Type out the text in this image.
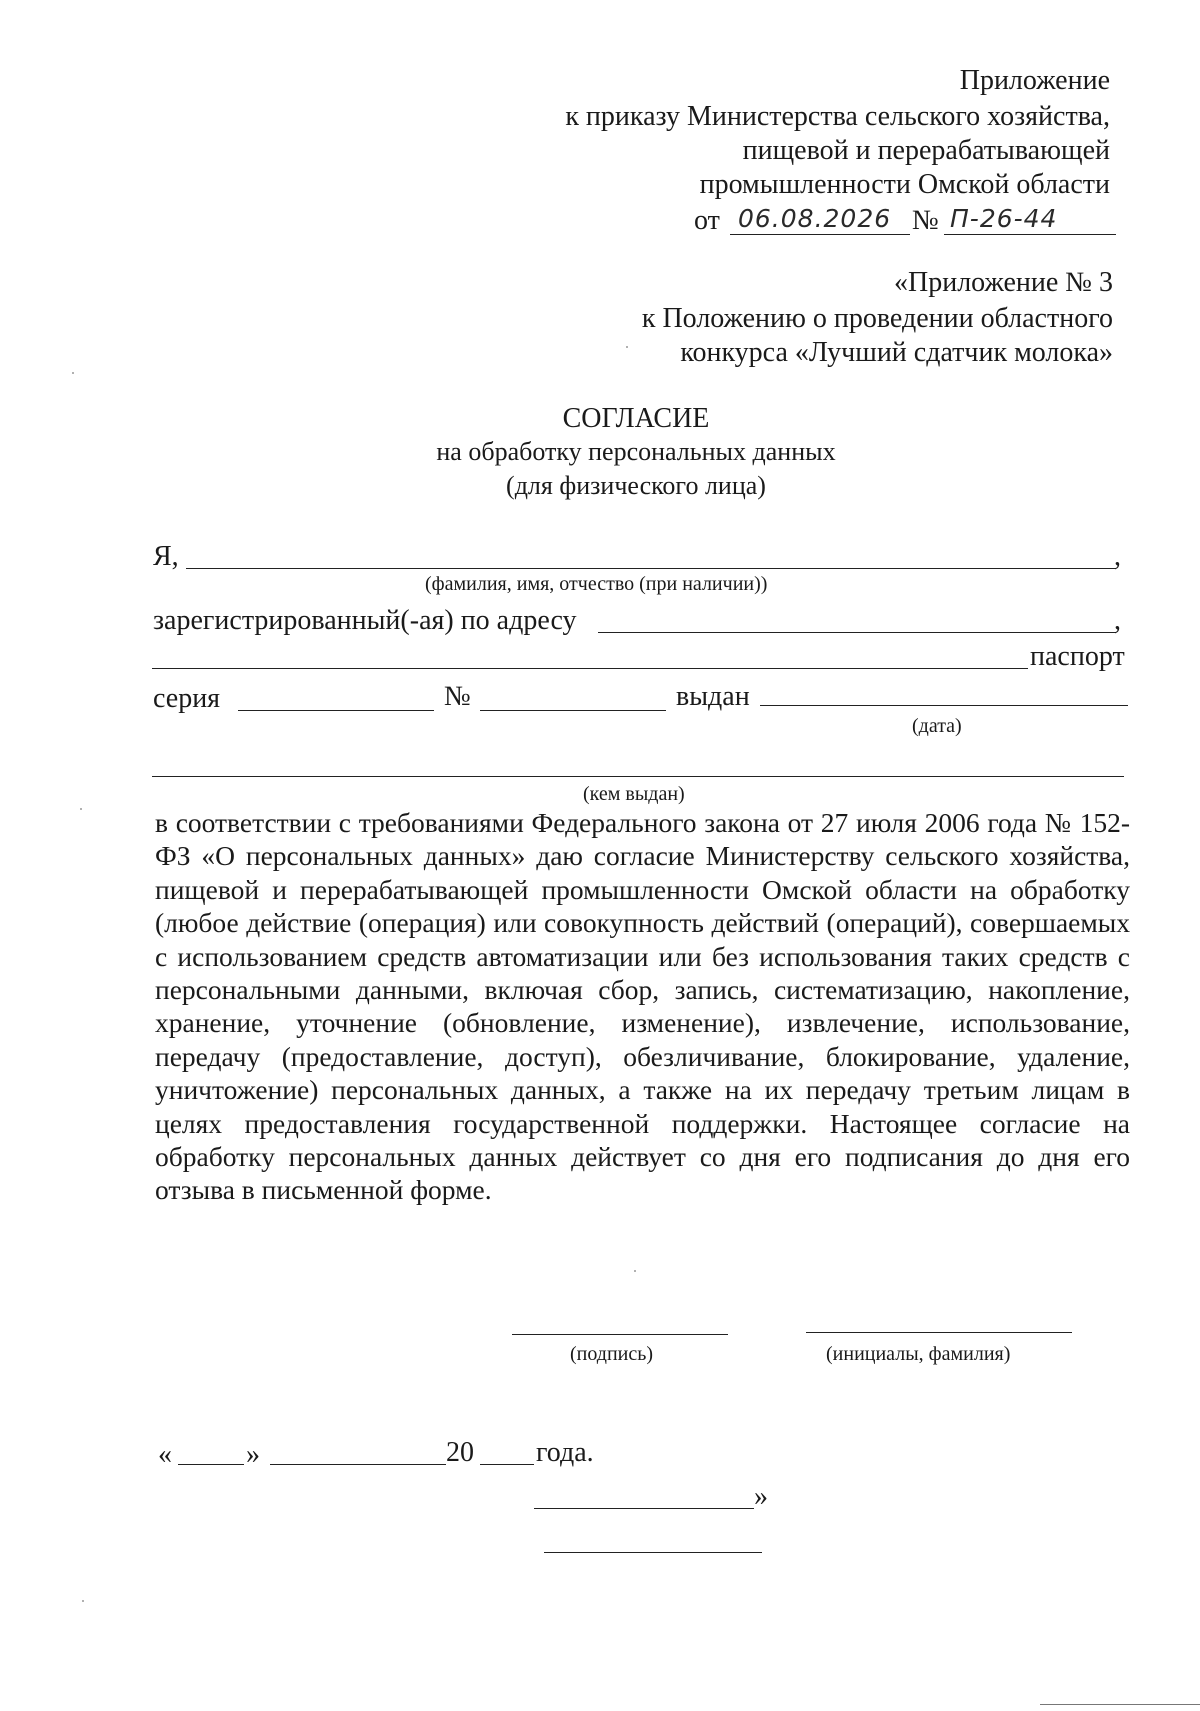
Приложение
к приказу Министерства сельского хозяйства,
пищевой и перерабатывающей
промышленности Омской области
от 06.08.2026 № П-26-44
«Приложение № 3
к Положению о проведении областного
конкурса «Лучший сдатчик молока»
СОГЛАСИЕ
на обработку персональных данных
(для физического лица)
Я,	,
(фамилия, имя, отчество (при наличии))
зарегистрированный(-ая) по адресу	,
паспорт
серия	№	выдан
(дата)
(кем выдан)

в соответствии с требованиями Федерального закона от 27 июля 2006 года № 152-ФЗ «О персональных данных» даю согласие Министерству сельского хозяйства, пищевой и перерабатывающей промышленности Омской области на обработку (любое действие (операция) или совокупность действий (операций), совершаемых с использованием средств автоматизации или без использования таких средств с персональными данными, включая сбор, запись, систематизацию, накопление, хранение, уточнение (обновление, изменение), извлечение, использование, передачу (предоставление, доступ), обезличивание, блокирование, удаление, уничтожение) персональных данных, а также на их передачу третьим лицам в целях предоставления государственной поддержки. Настоящее согласие на обработку персональных данных действует со дня его подписания до дня его отзыва в письменной форме.

(подпись)	(инициалы, фамилия)
«	»	20 года.
»
